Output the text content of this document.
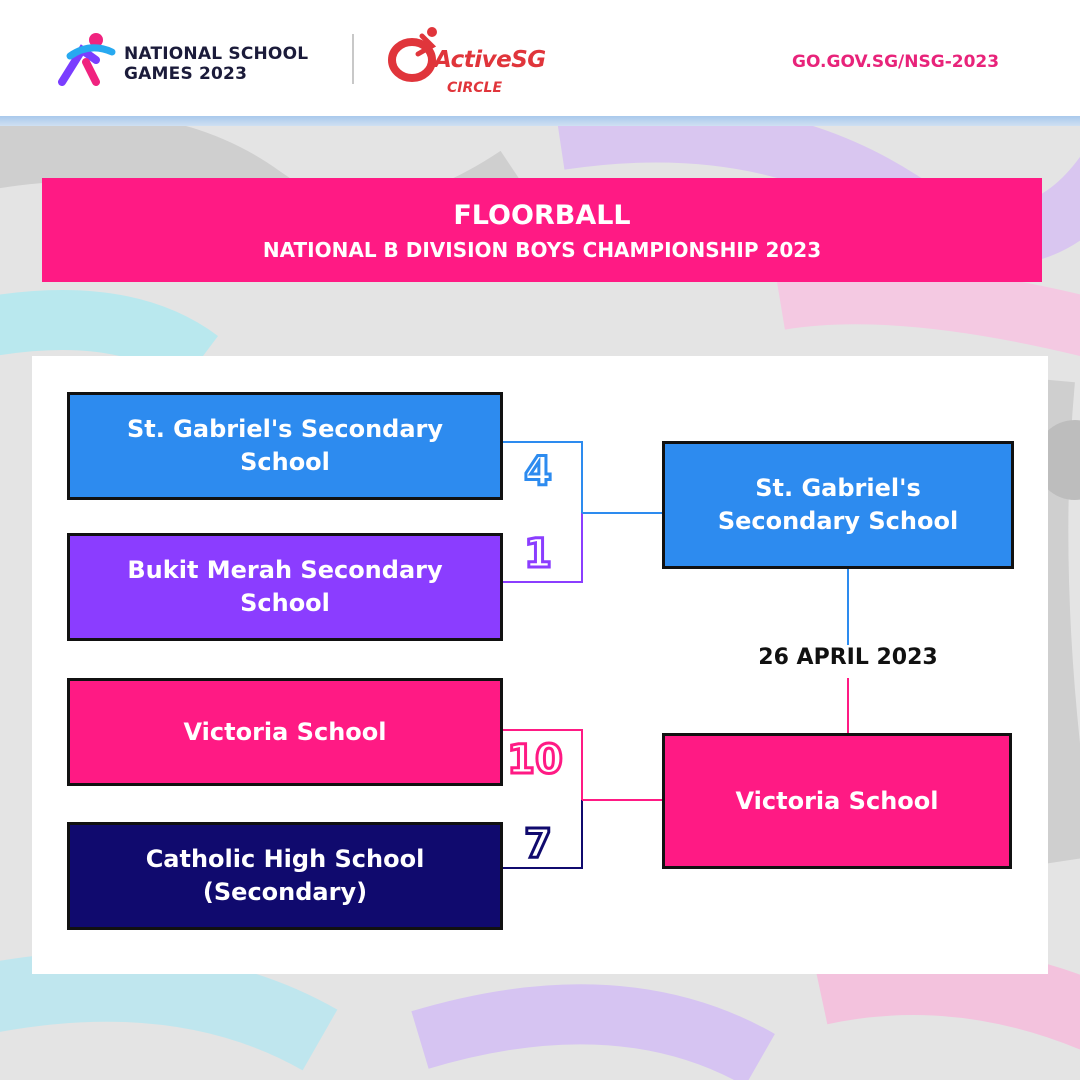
NATIONAL SCHOOL
GAMES 2023
ActiveSG
CIRCLE
GO.GOV.SG/NSG-2023
FLOORBALL
NATIONAL B DIVISION BOYS CHAMPIONSHIP 2023
St. Gabriel's Secondary School
Bukit Merah Secondary School
Victoria School
Catholic High School (Secondary)
St. Gabriel's Secondary School
Victoria School
4
1
10
7
26 APRIL 2023
